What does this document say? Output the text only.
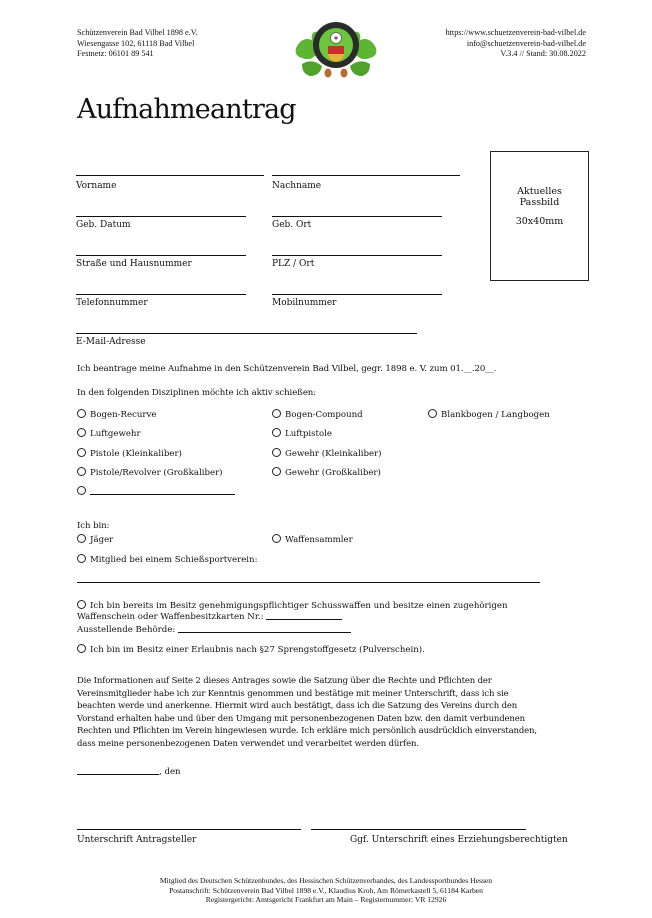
Schützenverein Bad Vilbel 1898 e.V.
Wiesengasse 102, 61118 Bad Vilbel
Festnetz: 06101 89 541
https://www.schuetzenverein-bad-vilbel.de
info@schuetzenverein-bad-vilbel.de
V.3.4 // Stand: 30.08.2022
Aufnahmeantrag
Aktuelles
Passbild
30x40mm
Vorname	Nachname
Geb. Datum	Geb. Ort
Straße und Hausnummer	PLZ / Ort
Telefonnummer	Mobilnummer
E-Mail-Adresse
Ich beantrage meine Aufnahme in den Schützenverein Bad Vilbel, gegr. 1898 e. V. zum 01.__.20__.
In den folgenden Disziplinen möchte ich aktiv schießen:
Bogen-Recurve	Bogen-Compound	Blankbogen / Langbogen
Luftgewehr	Luftpistole
Pistole (Kleinkaliber)	Gewehr (Kleinkaliber)
Pistole/Revolver (Großkaliber)	Gewehr (Großkaliber)
Ich bin:
Jäger	Waffensammler
Mitglied bei einem Schießsportverein:
Ich bin bereits im Besitz genehmigungspflichtiger Schusswaffen und besitze einen zugehörigen
Waffenschein oder Waffenbesitzkarten Nr.:
Ausstellende Behörde:
Ich bin im Besitz einer Erlaubnis nach §27 Sprengstoffgesetz (Pulverschein).
Die Informationen auf Seite 2 dieses Antrages sowie die Satzung über die Rechte und Pflichten der
Vereinsmitglieder habe ich zur Kenntnis genommen und bestätige mit meiner Unterschrift, dass ich sie
beachten werde und anerkenne. Hiermit wird auch bestätigt, dass ich die Satzung des Vereins durch den
Vorstand erhalten habe und über den Umgang mit personenbezogenen Daten bzw. den damit verbundenen
Rechten und Pflichten im Verein hingewiesen wurde. Ich erkläre mich persönlich ausdrücklich einverstanden,
dass meine personenbezogenen Daten verwendet und verarbeitet werden dürfen.
, den
Unterschrift Antragsteller	Ggf. Unterschrift eines Erziehungsberechtigten
Mitglied des Deutschen Schützenbundes, des Hessischen Schützenverbandes, des Landessportbundes Hessen
Postanschrift: Schützenverein Bad Vilbel 1898 e.V., Klaudius Kroh, Am Römerkastell 5, 61184 Karben
Registergericht: Amtsgericht Frankfurt am Main – Registernummer: VR 12926
